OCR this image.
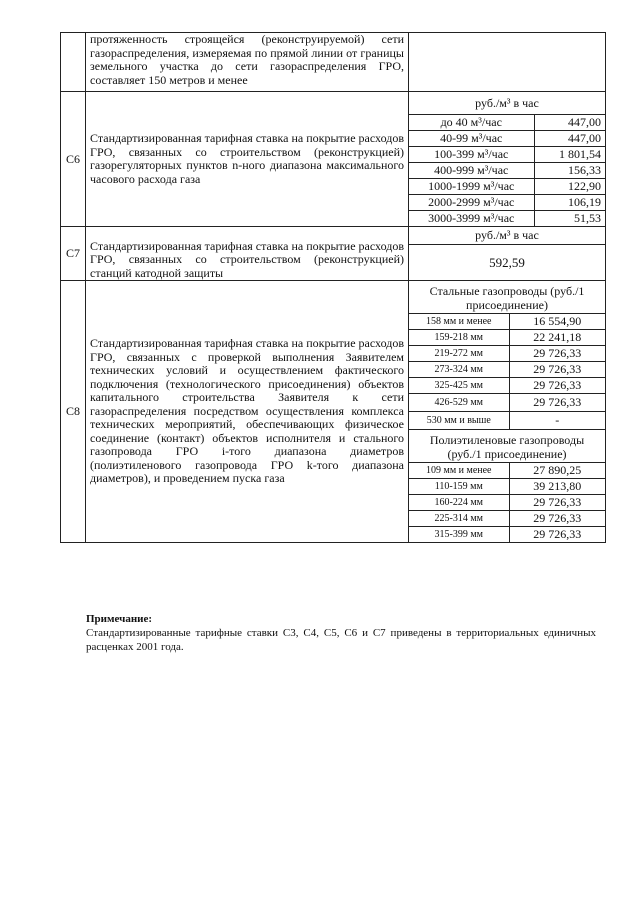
	протяженность строящейся (реконструируемой) сети газораспределения, измеряемая по прямой линии от границы земельного участка до сети газораспределения ГРО, составляет 150 метров и менее	
С6	Стандартизированная тарифная ставка на покрытие расходов ГРО, связанных со строительством (реконструкцией) газорегуляторных пунктов n-ного диапазона максимального часового расхода газа	
руб./м³ в час
до 40 м³/час	447,00
40-99 м³/час	447,00
100-399 м³/час	1 801,54
400-999 м³/час	156,33
1000-1999 м³/час	122,90
2000-2999 м³/час	106,19
3000-3999 м³/час	51,53

С7	Стандартизированная тарифная ставка на покрытие расходов ГРО, связанных со строительством (реконструкцией) станций катодной защиты	
руб./м³ в час
592,59

С8	Стандартизированная тарифная ставка на покрытие расходов ГРО, связанных с проверкой выполнения Заявителем технических условий и осуществлением фактического подключения (технологического присоединения) объектов капитального строительства Заявителя к сети газораспределения посредством осуществления комплекса технических мероприятий, обеспечивающих физическое соединение (контакт) объектов исполнителя и стального газопровода ГРО i-того диапазона диаметров (полиэтиленового газопровода ГРО k-того диапазона диаметров), и проведением пуска газа	
Стальные газопроводы (руб./1 присоединение)
158 мм и менее	16 554,90
159-218 мм	22 241,18
219-272 мм	29 726,33
273-324 мм	29 726,33
325-425 мм	29 726,33
426-529 мм	29 726,33
530 мм и выше	-
Полиэтиленовые газопроводы (руб./1 присоединение)
109 мм и менее	27 890,25
110-159 мм	39 213,80
160-224 мм	29 726,33
225-314 мм	29 726,33
315-399 мм	29 726,33
Примечание:
Стандартизированные тарифные ставки С3, С4, С5, С6 и С7 приведены в территориальных единичных расценках 2001 года.
